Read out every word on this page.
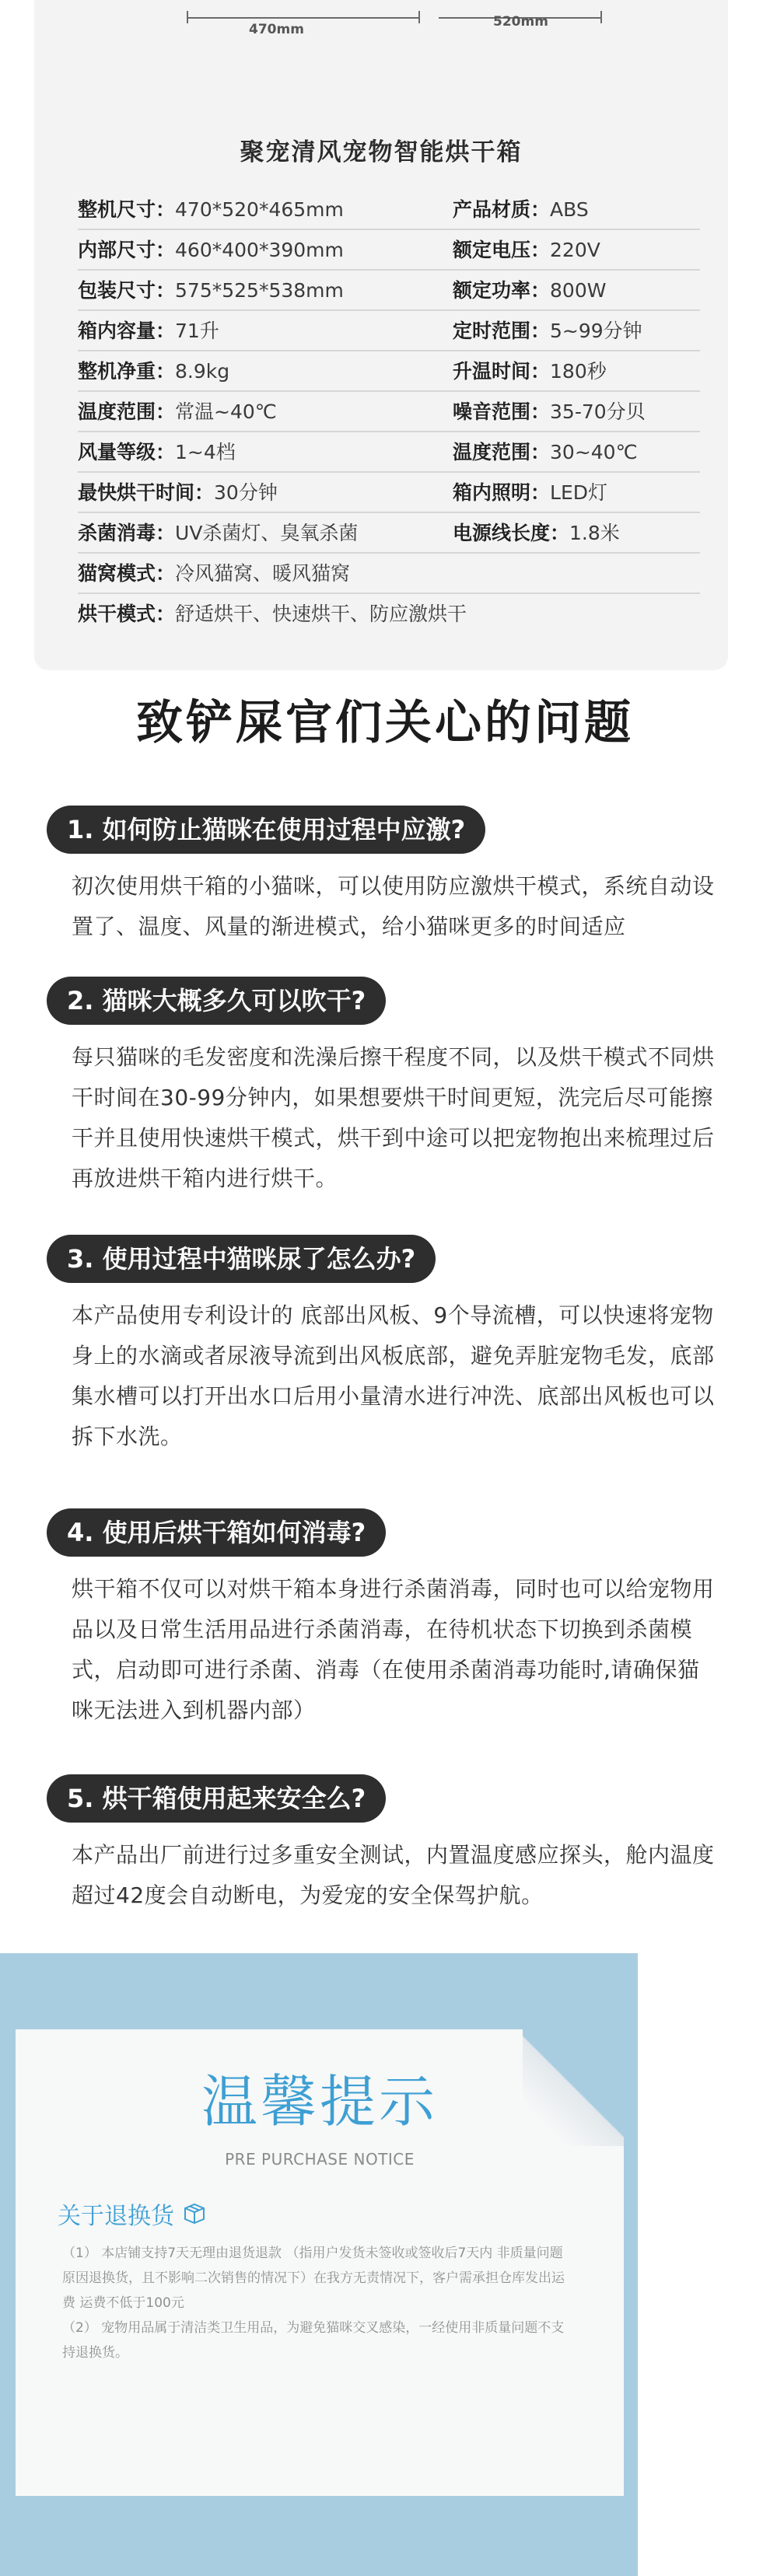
470mm	520mm
聚宠清风宠物智能烘干箱
整机尺寸：470*520*465mm	产品材质：ABS
内部尺寸：460*400*390mm	额定电压：220V
包装尺寸：575*525*538mm	额定功率：800W
箱内容量：71升	定时范围：5~99分钟
整机净重：8.9kg	升温时间：180秒
温度范围：常温~40℃	噪音范围：35-70分贝
风量等级：1~4档	温度范围：30~40℃
最快烘干时间：30分钟	箱内照明：LED灯
杀菌消毒：UV杀菌灯、臭氧杀菌	电源线长度：1.8米
猫窝模式：冷风猫窝、暖风猫窝
烘干模式：舒适烘干、快速烘干、防应激烘干
致铲屎官们关心的问题
1. 如何防止猫咪在使用过程中应激?
初次使用烘干箱的小猫咪，可以使用防应激烘干模式，系统自动设置了、温度、风量的渐进模式，给小猫咪更多的时间适应
2. 猫咪大概多久可以吹干?
每只猫咪的毛发密度和洗澡后擦干程度不同，以及烘干模式不同烘干时间在30-99分钟内，如果想要烘干时间更短，洗完后尽可能擦干并且使用快速烘干模式，烘干到中途可以把宠物抱出来梳理过后再放进烘干箱内进行烘干。
3. 使用过程中猫咪尿了怎么办?
本产品使用专利设计的 底部出风板、9个导流槽，可以快速将宠物身上的水滴或者尿液导流到出风板底部，避免弄脏宠物毛发，底部集水槽可以打开出水口后用小量清水进行冲洗、底部出风板也可以拆下水洗。
4. 使用后烘干箱如何消毒?
烘干箱不仅可以对烘干箱本身进行杀菌消毒，同时也可以给宠物用品以及日常生活用品进行杀菌消毒，在待机状态下切换到杀菌模式，启动即可进行杀菌、消毒（在使用杀菌消毒功能时,请确保猫咪无法进入到机器内部）
5. 烘干箱使用起来安全么?
本产品出厂前进行过多重安全测试，内置温度感应探头，舱内温度超过42度会自动断电，为爱宠的安全保驾护航。
温馨提示
PRE PURCHASE NOTICE
关于退换货

（1） 本店铺支持7天无理由退货退款 （指用户发货未签收或签收后7天内 非质量问题原因退换货，且不影响二次销售的情况下）在我方无责情况下，客户需承担仓库发出运费 运费不低于100元

（2） 宠物用品属于清洁类卫生用品，为避免猫咪交叉感染，一经使用非质量问题不支持退换货。
